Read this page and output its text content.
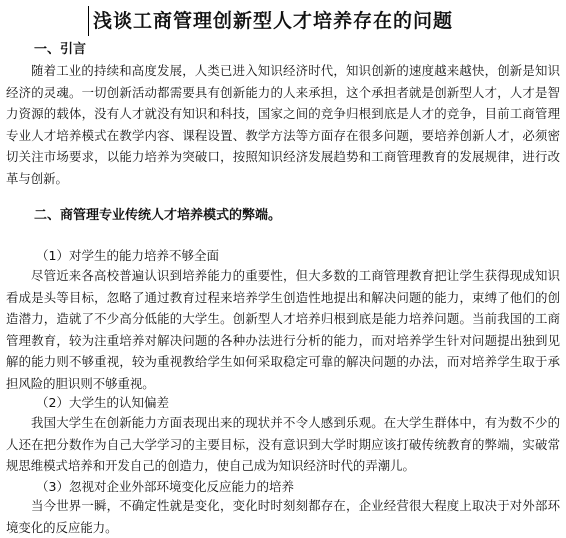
浅谈工商管理创新型人才培养存在的问题
一、引言
随着工业的持续和高度发展，人类已进入知识经济时代，知识创新的速度越来越快，创新是知识经济的灵魂。一切创新活动都需要具有创新能力的人来承担，这个承担者就是创新型人才，人才是智力资源的载体，没有人才就没有知识和科技，国家之间的竞争归根到底是人才的竞争，目前工商管理专业人才培养模式在教学内容、课程设置、教学方法等方面存在很多问题，要培养创新人才，必须密切关注市场要求，以能力培养为突破口，按照知识经济发展趋势和工商管理教育的发展规律，进行改革与创新。
二、商管理专业传统人才培养模式的弊端。
（1）对学生的能力培养不够全面
尽管近来各高校普遍认识到培养能力的重要性，但大多数的工商管理教育把让学生获得现成知识看成是头等目标，忽略了通过教育过程来培养学生创造性地提出和解决问题的能力，束缚了他们的创造潜力，造就了不少高分低能的大学生。创新型人才培养归根到底是能力培养问题。当前我国的工商管理教育，较为注重培养对解决问题的各种办法进行分析的能力，而对培养学生针对问题提出独到见解的能力则不够重视，较为重视教给学生如何采取稳定可靠的解决问题的办法，而对培养学生取于承担风险的胆识则不够重视。
（2）大学生的认知偏差
我国大学生在创新能力方面表现出来的现状并不令人感到乐观。在大学生群体中，有为数不少的人还在把分数作为自己大学学习的主要目标，没有意识到大学时期应该打破传统教育的弊端，实破常规思维模式培养和开发自己的创造力，使自己成为知识经济时代的弄潮儿。
（3）忽视对企业外部环境变化反应能力的培养
当今世界一瞬，不确定性就是变化，变化时时刻刻都存在，企业经营很大程度上取决于对外部环境变化的反应能力。
